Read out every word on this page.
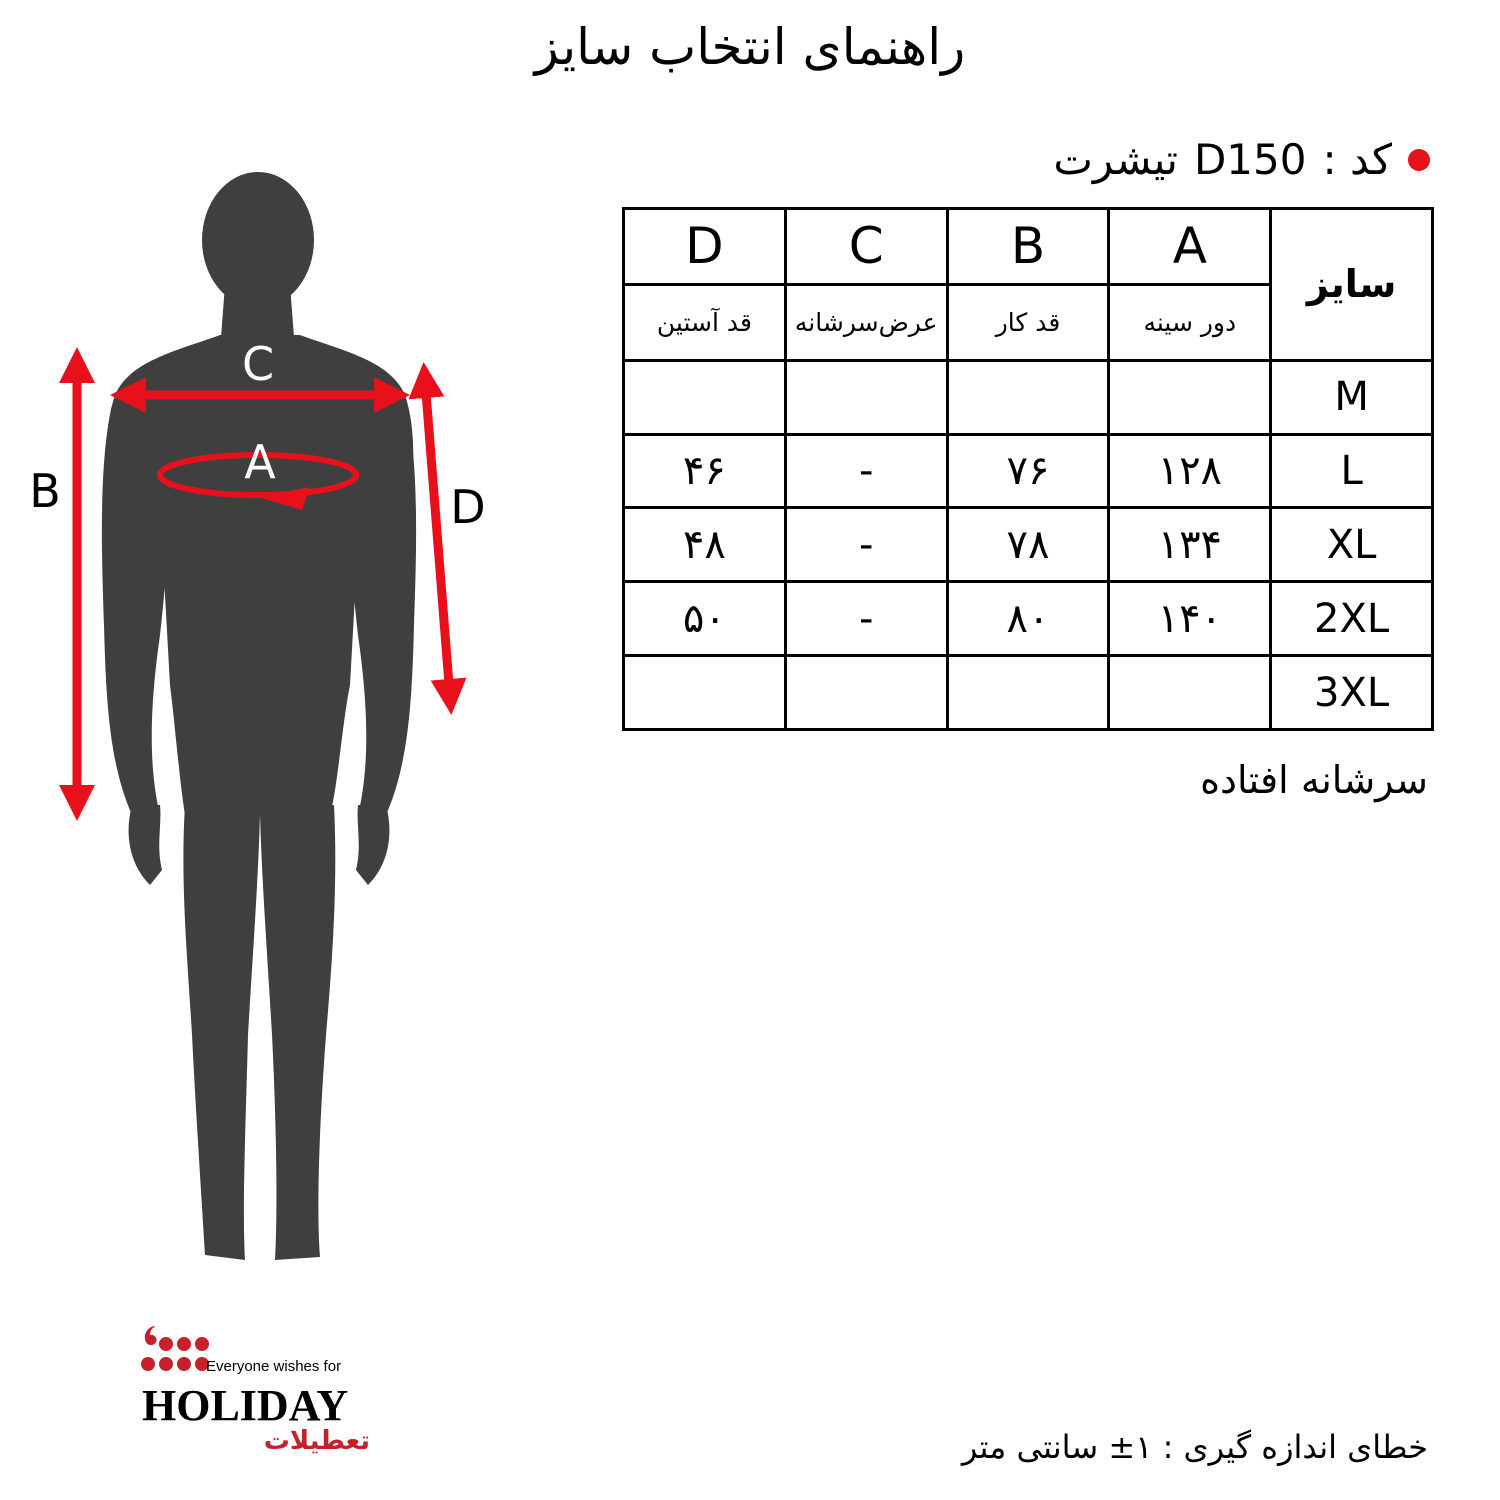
راهنمای انتخاب سایز
کد :
D150
تیشرت
سایز	A	B	C	D
	دور سینه	قد کار	عرض‌سرشانه	قد آستین
M				
L	۱۲۸	۷۶	-	۴۶
XL	۱۳۴	۷۸	-	۴۸
2XL	۱۴۰	۸۰	-	۵۰
3XL				
سرشانه افتاده
خطای اندازه گیری : ۱± سانتی متر
C
A
B	D
Everyone wishes for
HOLIDAY
تعطیلات
